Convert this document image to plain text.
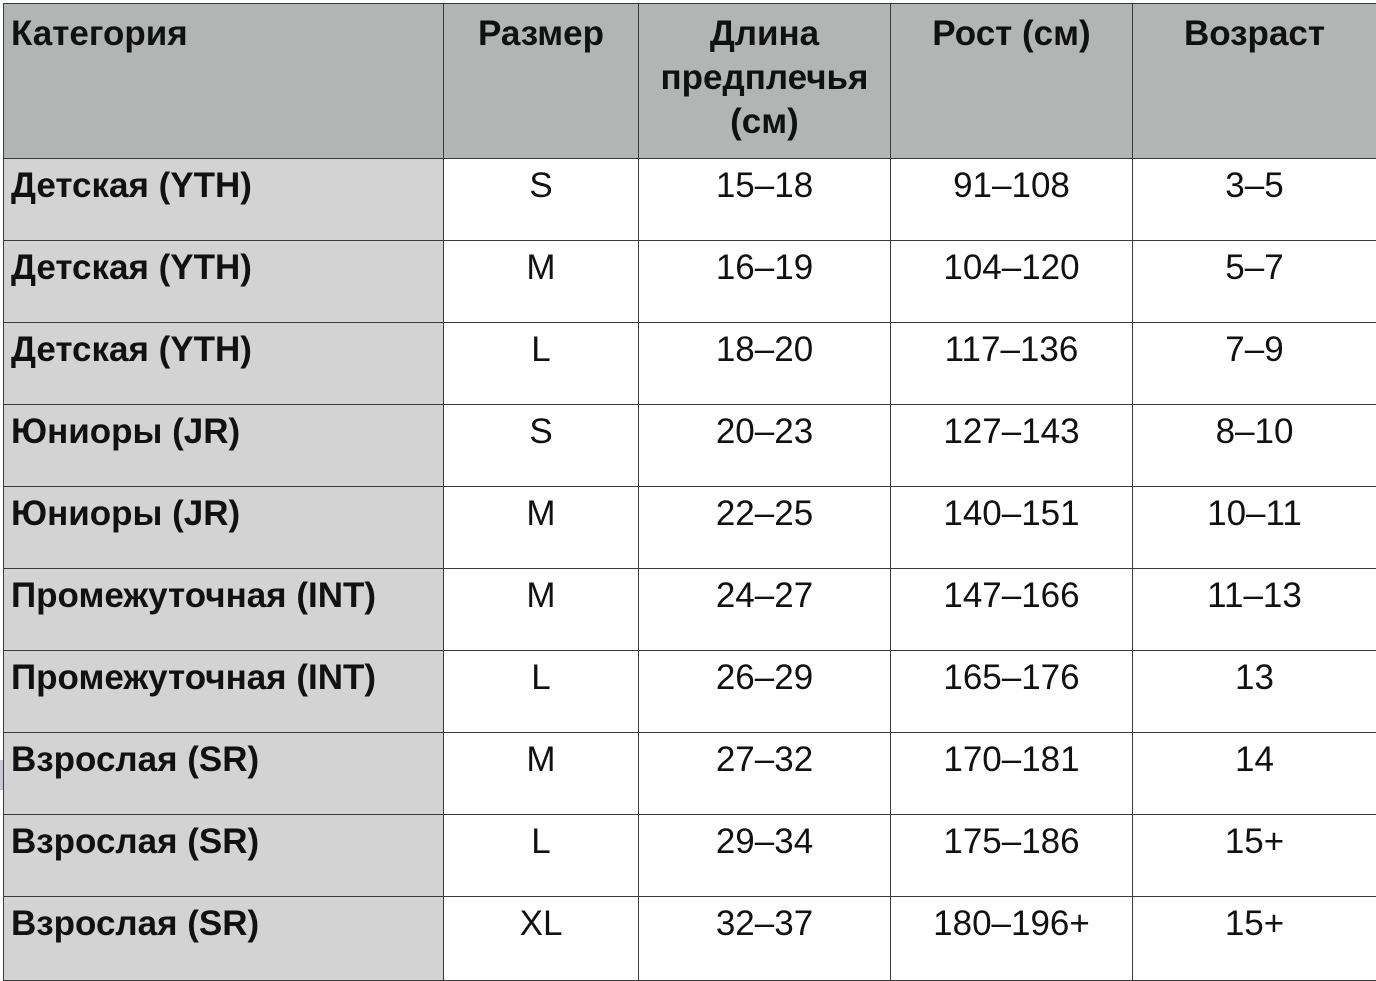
Категория	Размер	Длина предплечья (см)	Рост (см)	Возраст
Детская (YTH)	S	15–18	91–108	3–5
Детская (YTH)	M	16–19	104–120	5–7
Детская (YTH)	L	18–20	117–136	7–9
Юниоры (JR)	S	20–23	127–143	8–10
Юниоры (JR)	M	22–25	140–151	10–11
Промежуточная (INT)	M	24–27	147–166	11–13
Промежуточная (INT)	L	26–29	165–176	13
Взрослая (SR)	M	27–32	170–181	14
Взрослая (SR)	L	29–34	175–186	15+
Взрослая (SR)	XL	32–37	180–196+	15+
